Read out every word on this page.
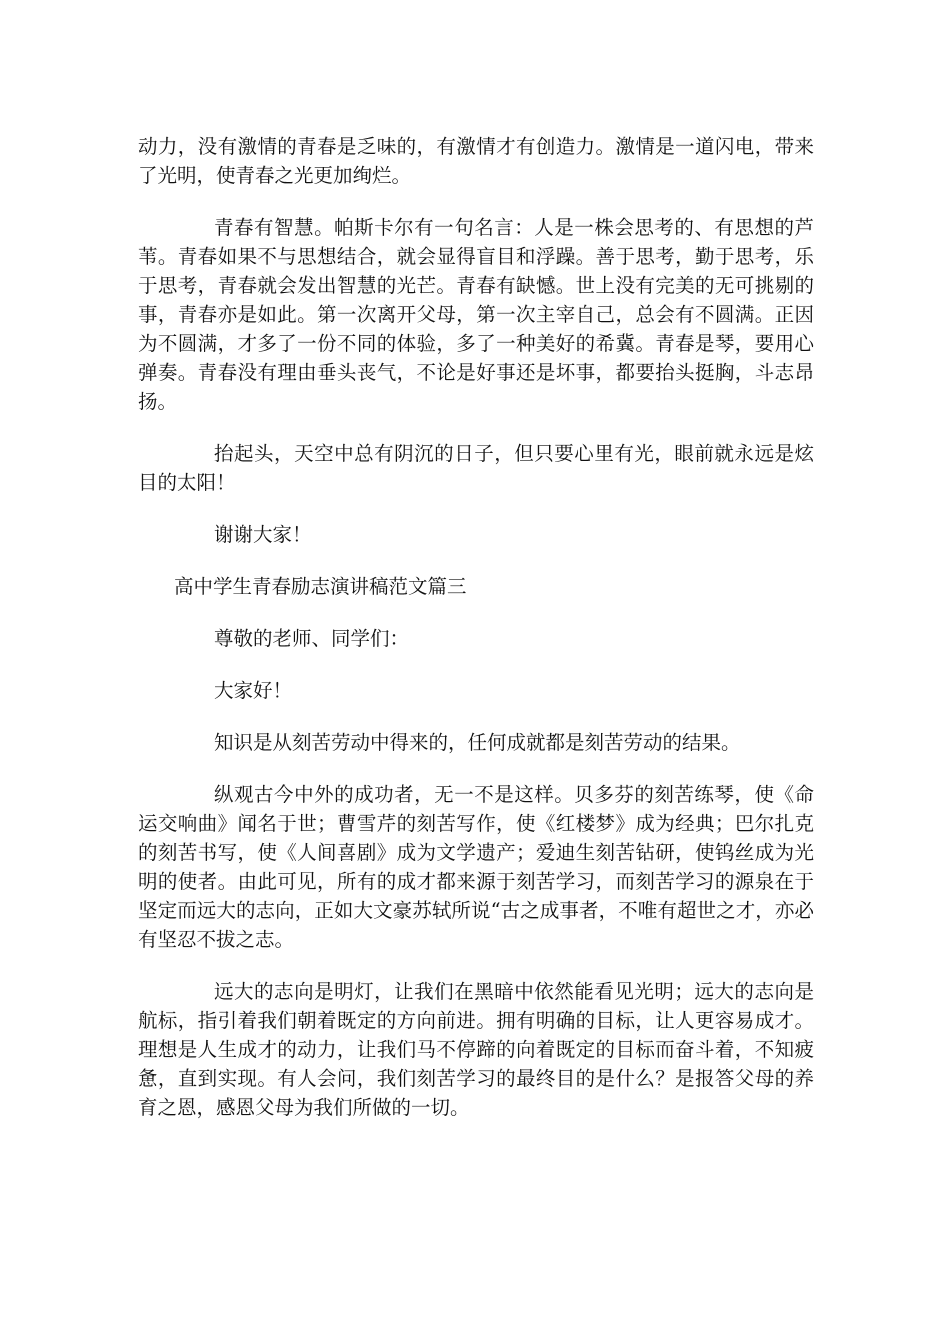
动力，没有激情的青春是乏味的，有激情才有创造力。激情是一道闪电，带来了光明，使青春之光更加绚烂。

青春有智慧。帕斯卡尔有一句名言：人是一株会思考的、有思想的芦苇。青春如果不与思想结合，就会显得盲目和浮躁。善于思考，勤于思考，乐于思考，青春就会发出智慧的光芒。青春有缺憾。世上没有完美的无可挑剔的事，青春亦是如此。第一次离开父母，第一次主宰自己，总会有不圆满。正因为不圆满，才多了一份不同的体验，多了一种美好的希冀。青春是琴，要用心弹奏。青春没有理由垂头丧气，不论是好事还是坏事，都要抬头挺胸，斗志昂扬。

抬起头，天空中总有阴沉的日子，但只要心里有光，眼前就永远是炫目的太阳！

谢谢大家！

高中学生青春励志演讲稿范文篇三

尊敬的老师、同学们：

大家好！

知识是从刻苦劳动中得来的，任何成就都是刻苦劳动的结果。

纵观古今中外的成功者，无一不是这样。贝多芬的刻苦练琴，使《命运交响曲》闻名于世；曹雪芹的刻苦写作，使《红楼梦》成为经典；巴尔扎克的刻苦书写，使《人间喜剧》成为文学遗产；爱迪生刻苦钻研，使钨丝成为光明的使者。由此可见，所有的成才都来源于刻苦学习，而刻苦学习的源泉在于坚定而远大的志向，正如大文豪苏轼所说“古之成事者，不唯有超世之才，亦必有坚忍不拔之志。

远大的志向是明灯，让我们在黑暗中依然能看见光明；远大的志向是航标，指引着我们朝着既定的方向前进。拥有明确的目标，让人更容易成才。理想是人生成才的动力，让我们马不停蹄的向着既定的目标而奋斗着，不知疲惫，直到实现。有人会问，我们刻苦学习的最终目的是什么？是报答父母的养育之恩，感恩父母为我们所做的一切。
